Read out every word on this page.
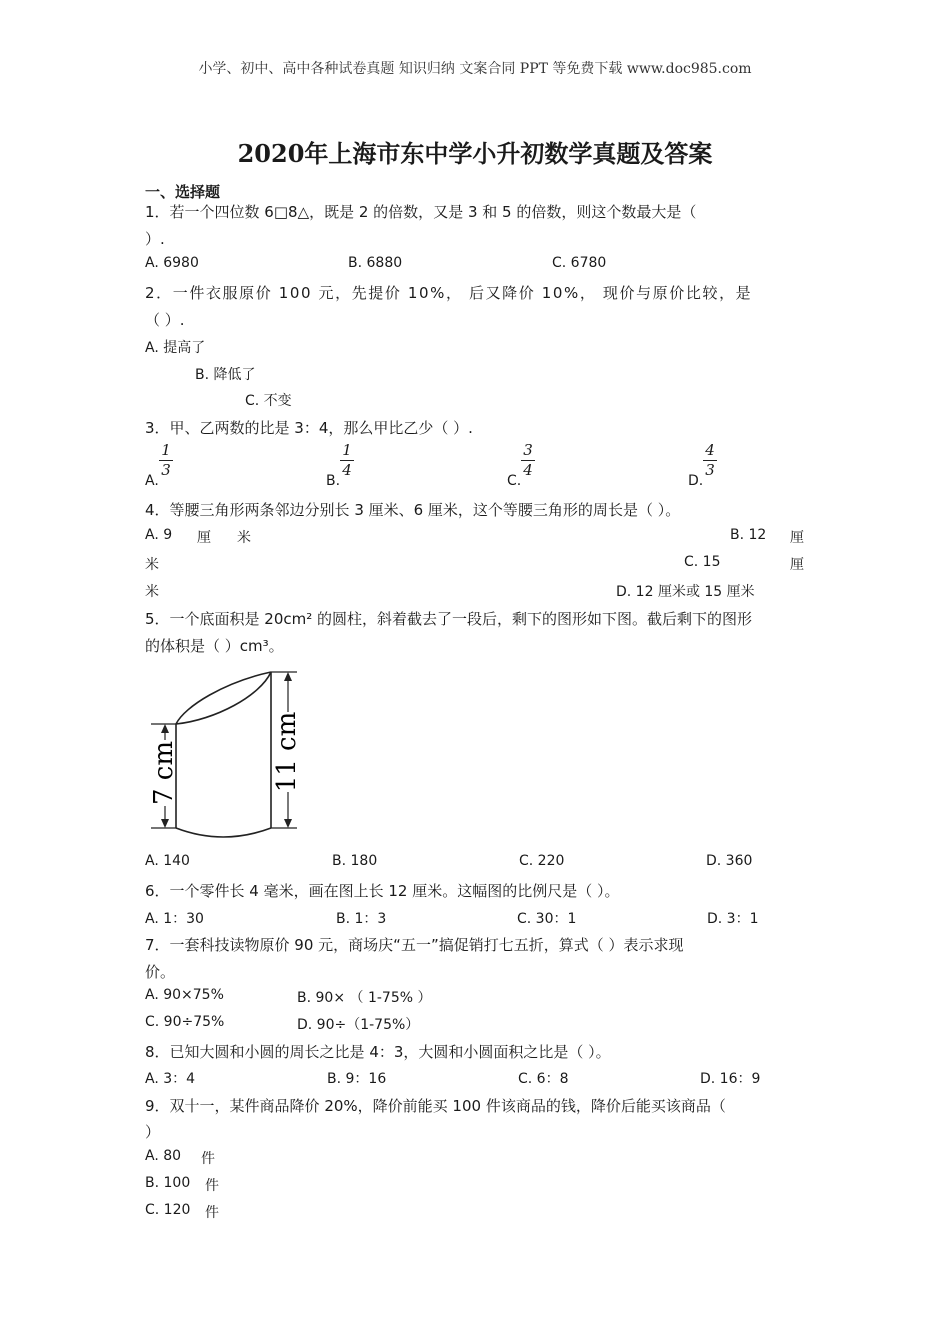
小学、初中、高中各种试卷真题 知识归纳 文案合同 PPT 等免费下载 www.doc985.com
2020年上海市东中学小升初数学真题及答案
一、选择题
1．若一个四位数 6□8△，既是 2 的倍数，又是 3 和 5 的倍数，则这个数最大是（
）.
A. 6980	B. 6880	C. 6780
2．一件衣服原价 100 元，先提价 10%， 后又降价 10%， 现价与原价比较，是
（ ）.
A. 提高了
B. 降低了
C. 不变
3．甲、乙两数的比是 3：4，那么甲比乙少（ ）.
A.
1
3
B.
1
4
C.
3
4
D.
4
3
4．等腰三角形两条邻边分别长 3 厘米、6 厘米，这个等腰三角形的周长是（ ）。
A. 9 厘 米	B. 12 厘
米	C. 15	厘
米	D. 12 厘米或 15 厘米
5．一个底面积是 20cm² 的圆柱，斜着截去了一段后，剩下的图形如下图。截后剩下的图形
的体积是（ ）cm³。
7 cm	11 cm
A. 140	B. 180	C. 220	D. 360
6．一个零件长 4 毫米，画在图上长 12 厘米。这幅图的比例尺是（ ）。
A. 1：30	B. 1：3	C. 30：1	D. 3：1
7．一套科技读物原价 90 元，商场庆“五一”搞促销打七五折，算式（ ）表示求现
价。
A. 90×75%	B. 90× （ 1-75% ）
C. 90÷75%	D. 90÷（1-75%）
8．已知大圆和小圆的周长之比是 4：3，大圆和小圆面积之比是（ ）。
A. 3：4	B. 9：16	C. 6：8	D. 16：9
9．双十一，某件商品降价 20%，降价前能买 100 件该商品的钱，降价后能买该商品（
）
A. 80 件
B. 100 件
C. 120 件
